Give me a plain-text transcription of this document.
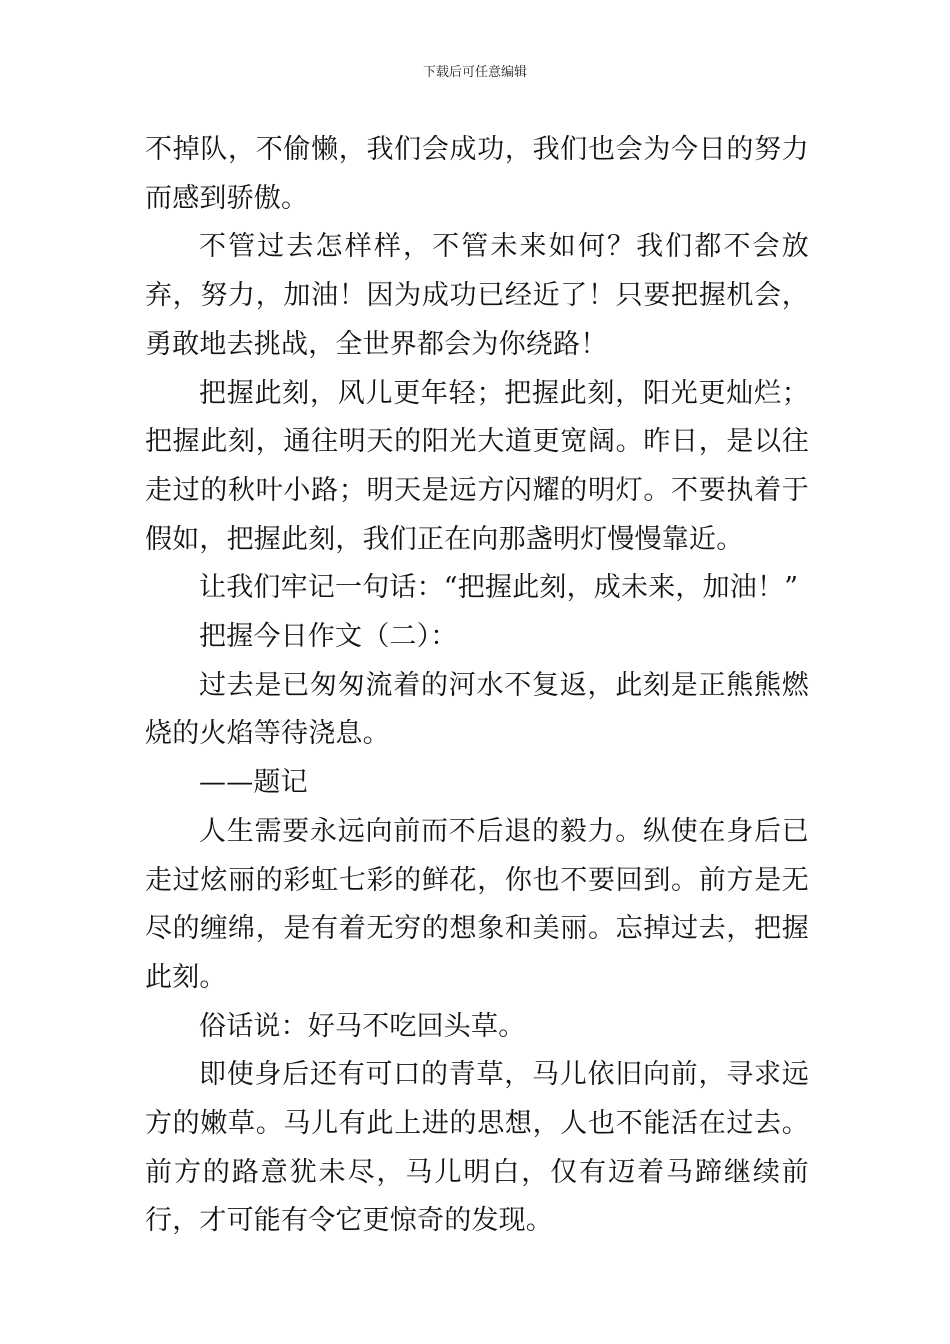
下载后可任意编辑

不掉队，不偷懒，我们会成功，我们也会为今日的努力而感到骄傲。

不管过去怎样样，不管未来如何？我们都不会放弃，努力，加油！因为成功已经近了！只要把握机会，勇敢地去挑战，全世界都会为你绕路！

把握此刻，风儿更年轻；把握此刻，阳光更灿烂；把握此刻，通往明天的阳光大道更宽阔。昨日，是以往走过的秋叶小路；明天是远方闪耀的明灯。不要执着于假如，把握此刻，我们正在向那盏明灯慢慢靠近。

让我们牢记一句话：“把握此刻，成未来，加油！”

把握今日作文（二）：

过去是已匆匆流着的河水不复返，此刻是正熊熊燃烧的火焰等待浇息。

——题记

人生需要永远向前而不后退的毅力。纵使在身后已走过炫丽的彩虹七彩的鲜花，你也不要回到。前方是无尽的缠绵，是有着无穷的想象和美丽。忘掉过去，把握此刻。

俗话说：好马不吃回头草。

即使身后还有可口的青草，马儿依旧向前，寻求远方的嫩草。马儿有此上进的思想，人也不能活在过去。前方的路意犹未尽，马儿明白，仅有迈着马蹄继续前行，才可能有令它更惊奇的发现。
